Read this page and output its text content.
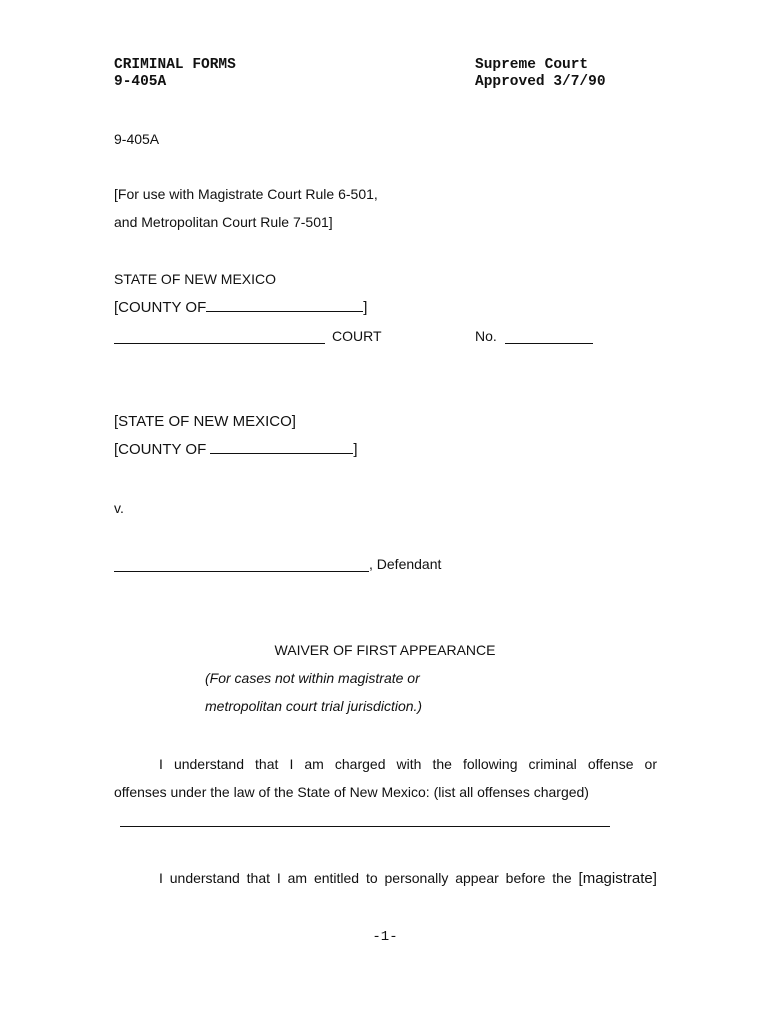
CRIMINAL FORMS
9-405A
Supreme Court
Approved 3/7/90
9-405A
[For use with Magistrate Court Rule 6-501,
and Metropolitan Court Rule 7-501]
STATE OF NEW MEXICO
[COUNTY OF	]
COURT	No.
[STATE OF NEW MEXICO]
[COUNTY OF	]
v.
, Defendant
WAIVER OF FIRST APPEARANCE
(For cases not within magistrate or
metropolitan court trial jurisdiction.)
I understand that I am charged with the following criminal offense or
offenses under the law of the State of New Mexico: (list all offenses charged)
I understand that I am entitled to personally appear before the [magistrate]
-1-
